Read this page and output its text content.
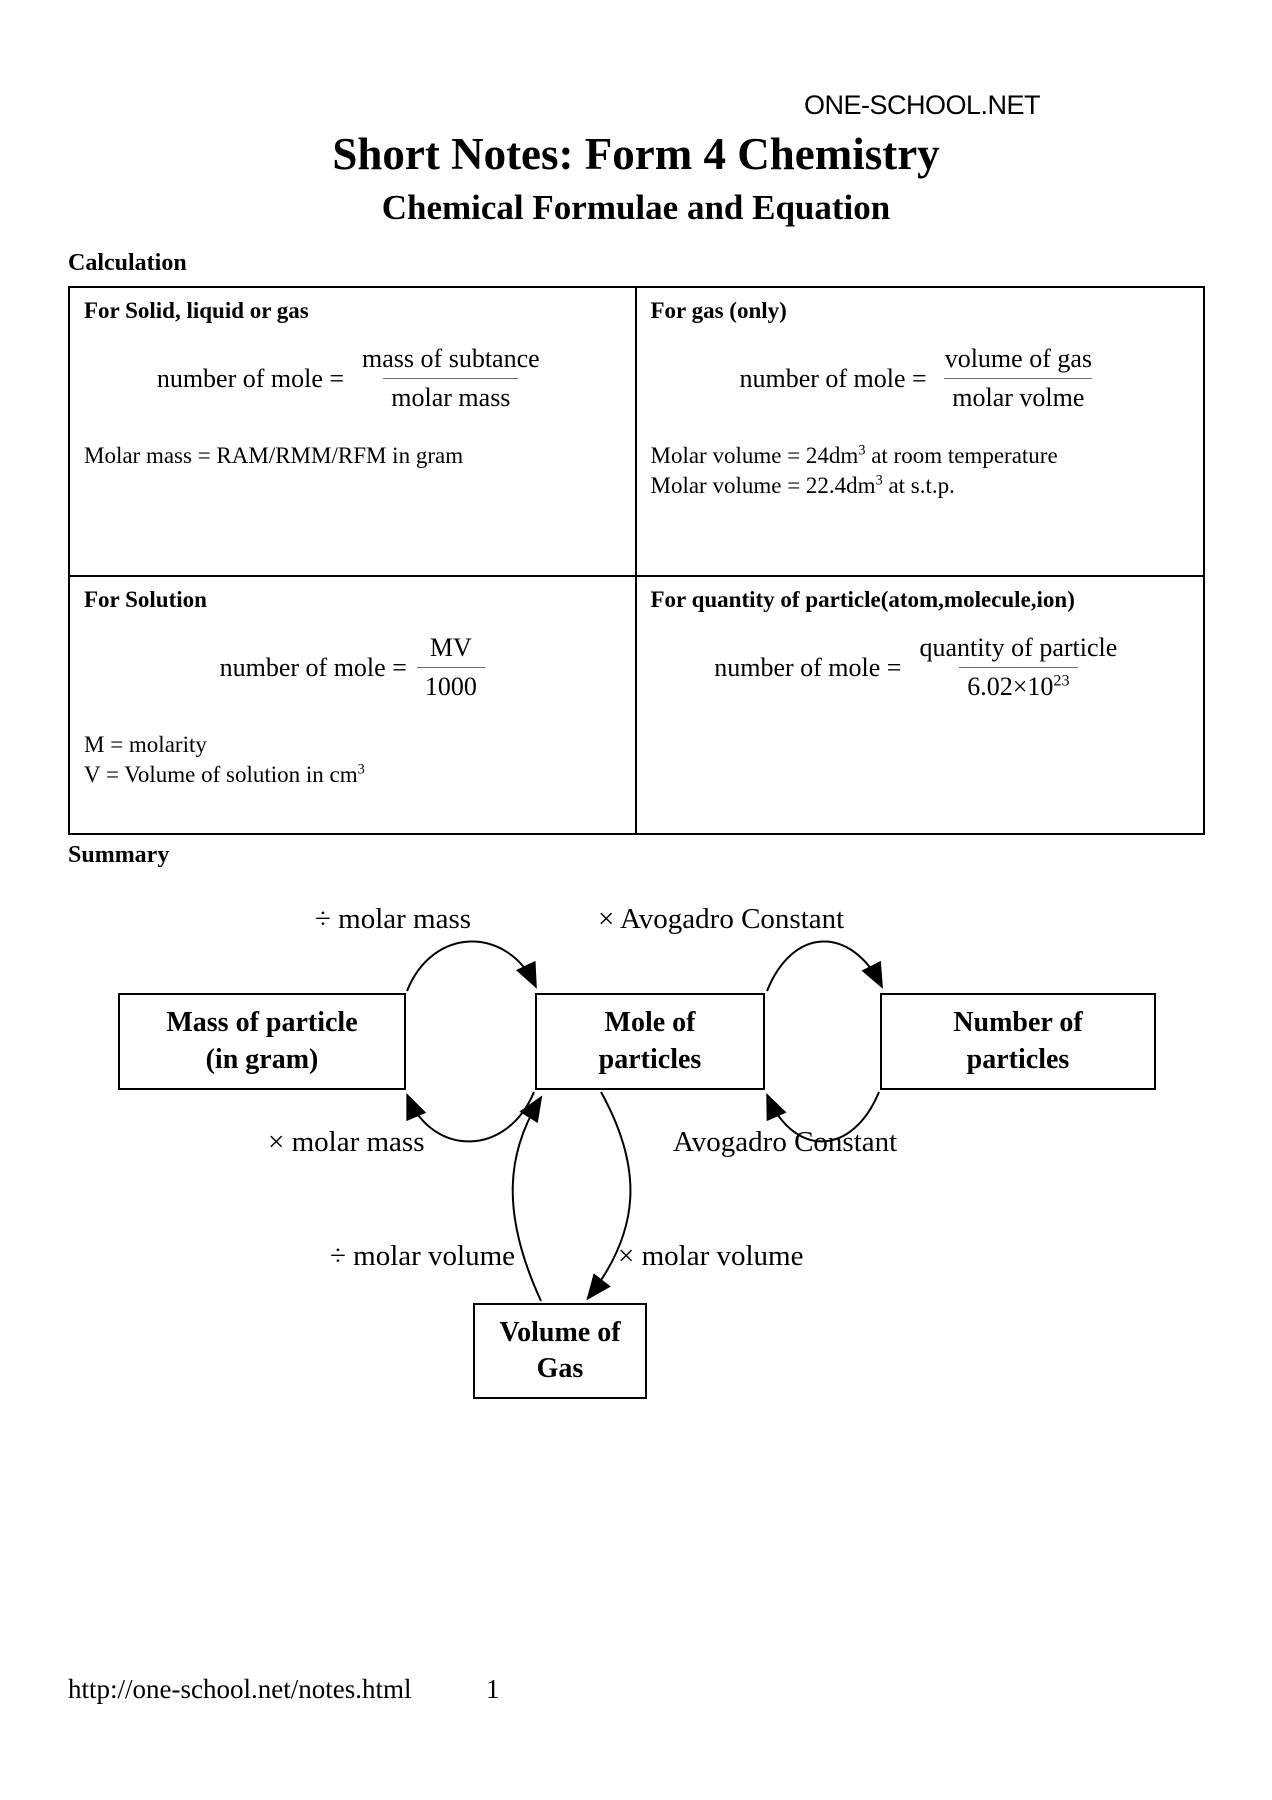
ONE-SCHOOL.NET
Short Notes: Form 4 Chemistry
Chemical Formulae and Equation
Calculation
For Solid, liquid or gas
number of mole = $\frac{\text{mass of subtance}}{\text{molar mass}}$
Molar mass = RAM/RMM/RFM in gram
For gas (only)
number of mole = $\frac{\text{volume of gas}}{\text{molar volme}}$
Molar volume = $24dm^3$ at room temperature
Molar volume = $22.4dm^3$ at s.t.p.
For Solution
number of mole = $\frac{MV}{1000}$
M = molarity
V = Volume of solution in $cm^3$
For quantity of particle(atom,molecule,ion)
number of mole = $\frac{\text{quantity of particle}}{6.02\times 10^{23}}$
Summary
÷ molar mass	× Avogadro Constant
× molar mass	Avogadro Constant
÷ molar volume	× molar volume
Mass of particle
(in gram)
Mole of
particles
Number of
particles
Volume of
Gas
http://one-school.net/notes.html	1
